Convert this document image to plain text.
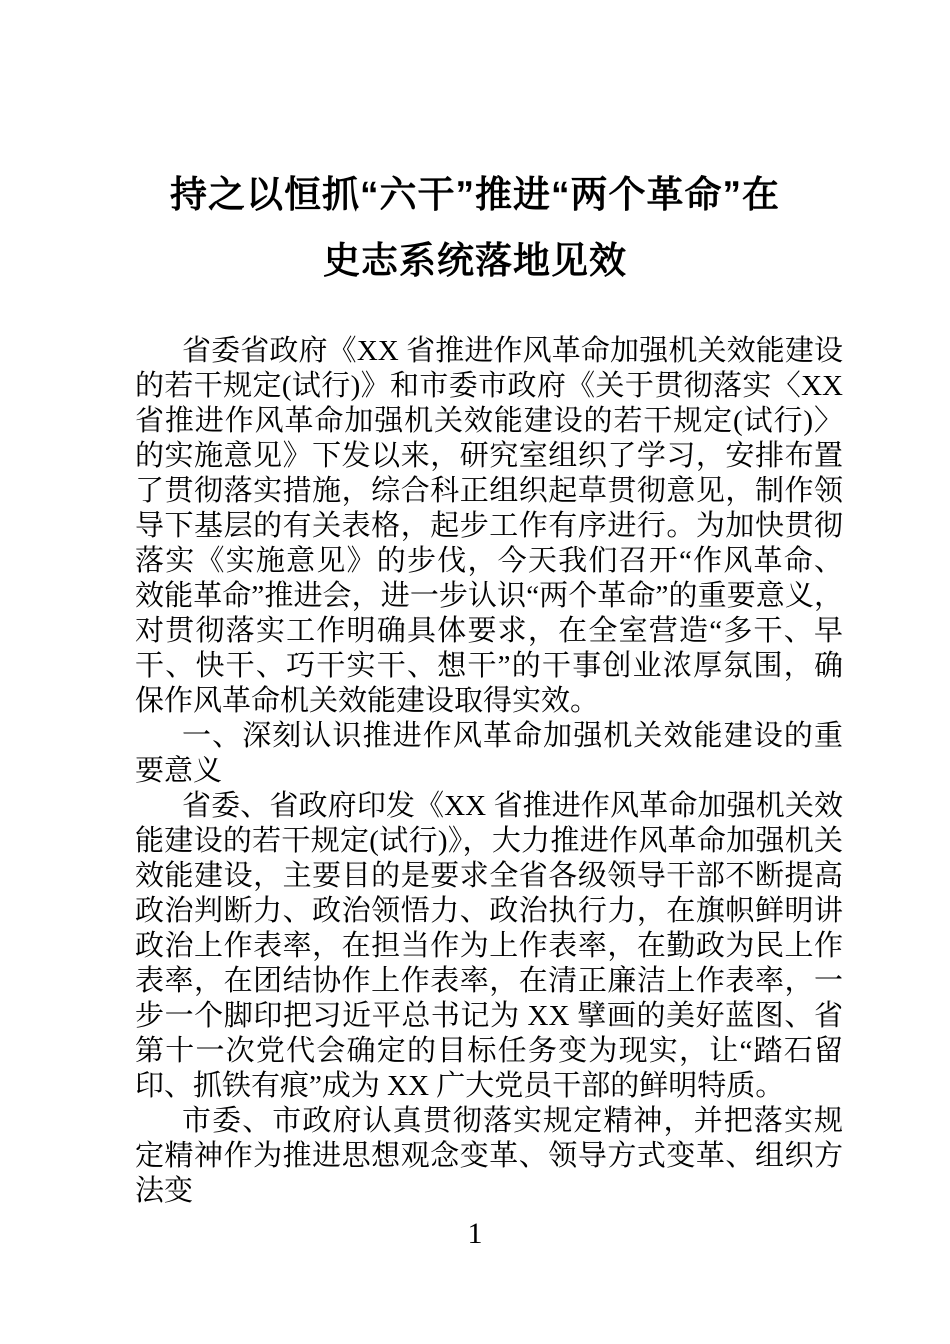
持之以恒抓“六干”推进“两个革命”在
史志系统落地见效

省委省政府《XX 省推进作风革命加强机关效能建设的若干规定(试行)》和市委市政府《关于贯彻落实〈XX 省推进作风革命加强机关效能建设的若干规定(试行)〉的实施意见》下发以来，研究室组织了学习，安排布置了贯彻落实措施，综合科正组织起草贯彻意见，制作领导下基层的有关表格，起步工作有序进行。为加快贯彻落实《实施意见》的步伐，今天我们召开“作风革命、效能革命”推进会，进一步认识“两个革命”的重要意义，对贯彻落实工作明确具体要求，在全室营造“多干、早干、快干、巧干实干、想干”的干事创业浓厚氛围，确保作风革命机关效能建设取得实效。

一、深刻认识推进作风革命加强机关效能建设的重要意义

省委、省政府印发《XX 省推进作风革命加强机关效能建设的若干规定(试行)》，大力推进作风革命加强机关效能建设，主要目的是要求全省各级领导干部不断提高政治判断力、政治领悟力、政治执行力，在旗帜鲜明讲政治上作表率，在担当作为上作表率，在勤政为民上作表率，在团结协作上作表率，在清正廉洁上作表率，一步一个脚印把习近平总书记为 XX 擘画的美好蓝图、省第十一次党代会确定的目标任务变为现实，让“踏石留印、抓铁有痕”成为 XX 广大党员干部的鲜明特质。

市委、市政府认真贯彻落实规定精神，并把落实规定精神作为推进思想观念变革、领导方式变革、组织方法变

1
